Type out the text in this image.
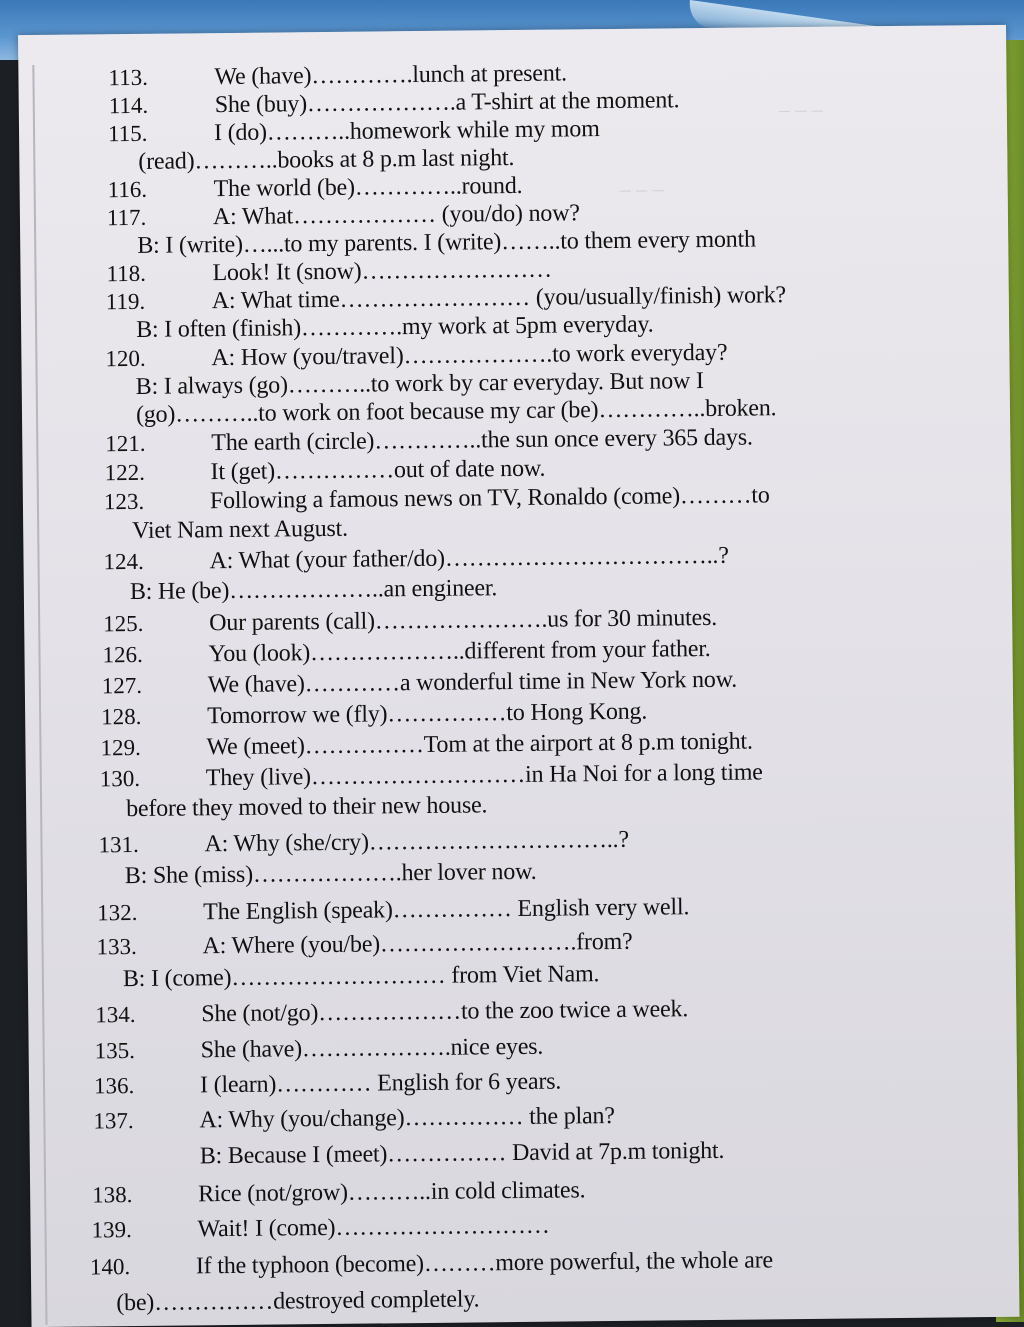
_ _ _
_ _ _
113.	We (have)………….lunch at present.
114.	She (buy)……………….a T-shirt at the moment.
115.	I (do)………..homework while my mom
(read)………..books at 8 p.m last night.
116.	The world (be)…………..round.
117.	A: What……………… (you/do) now?
B: I (write)…...to my parents. I (write)……..to them every month
118.	Look! It (snow)……………………
119.	A: What time…………………… (you/usually/finish) work?
B: I often (finish)………….my work at 5pm everyday.
120.	A: How (you/travel)……………….to work everyday?
B: I always (go)………..to work by car everyday. But now I
(go)………..to work on foot because my car (be)…………..broken.
121.	The earth (circle)…………..the sun once every 365 days.
122.	It (get)……………out of date now.
123.	Following a famous news on TV, Ronaldo (come)………to
Viet Nam next August.
124.	A: What (your father/do)……………………………..?
B: He (be)………………..an engineer.
125.	Our parents (call)………………….us for 30 minutes.
126.	You (look)………………..different from your father.
127.	We (have)…………a wonderful time in New York now.
128.	Tomorrow we (fly)……………to Hong Kong.
129.	We (meet)……………Tom at the airport at 8 p.m tonight.
130.	They (live)………………………in Ha Noi for a long time
before they moved to their new house.
131.	A: Why (she/cry)…………………………..?
B: She (miss)……………….her lover now.
132.	The English (speak)…………… English very well.
133.	A: Where (you/be)…………………….from?
B: I (come)……………………… from Viet Nam.
134.	She (not/go)………………to the zoo twice a week.
135.	She (have)……………….nice eyes.
136.	I (learn)………… English for 6 years.
137.	A: Why (you/change)…………… the plan?
B: Because I (meet)…………… David at 7p.m tonight.
138.	Rice (not/grow)………..in cold climates.
139.	Wait! I (come)………………………
140.	If the typhoon (become)………more powerful, the whole are
(be)……………destroyed completely.
